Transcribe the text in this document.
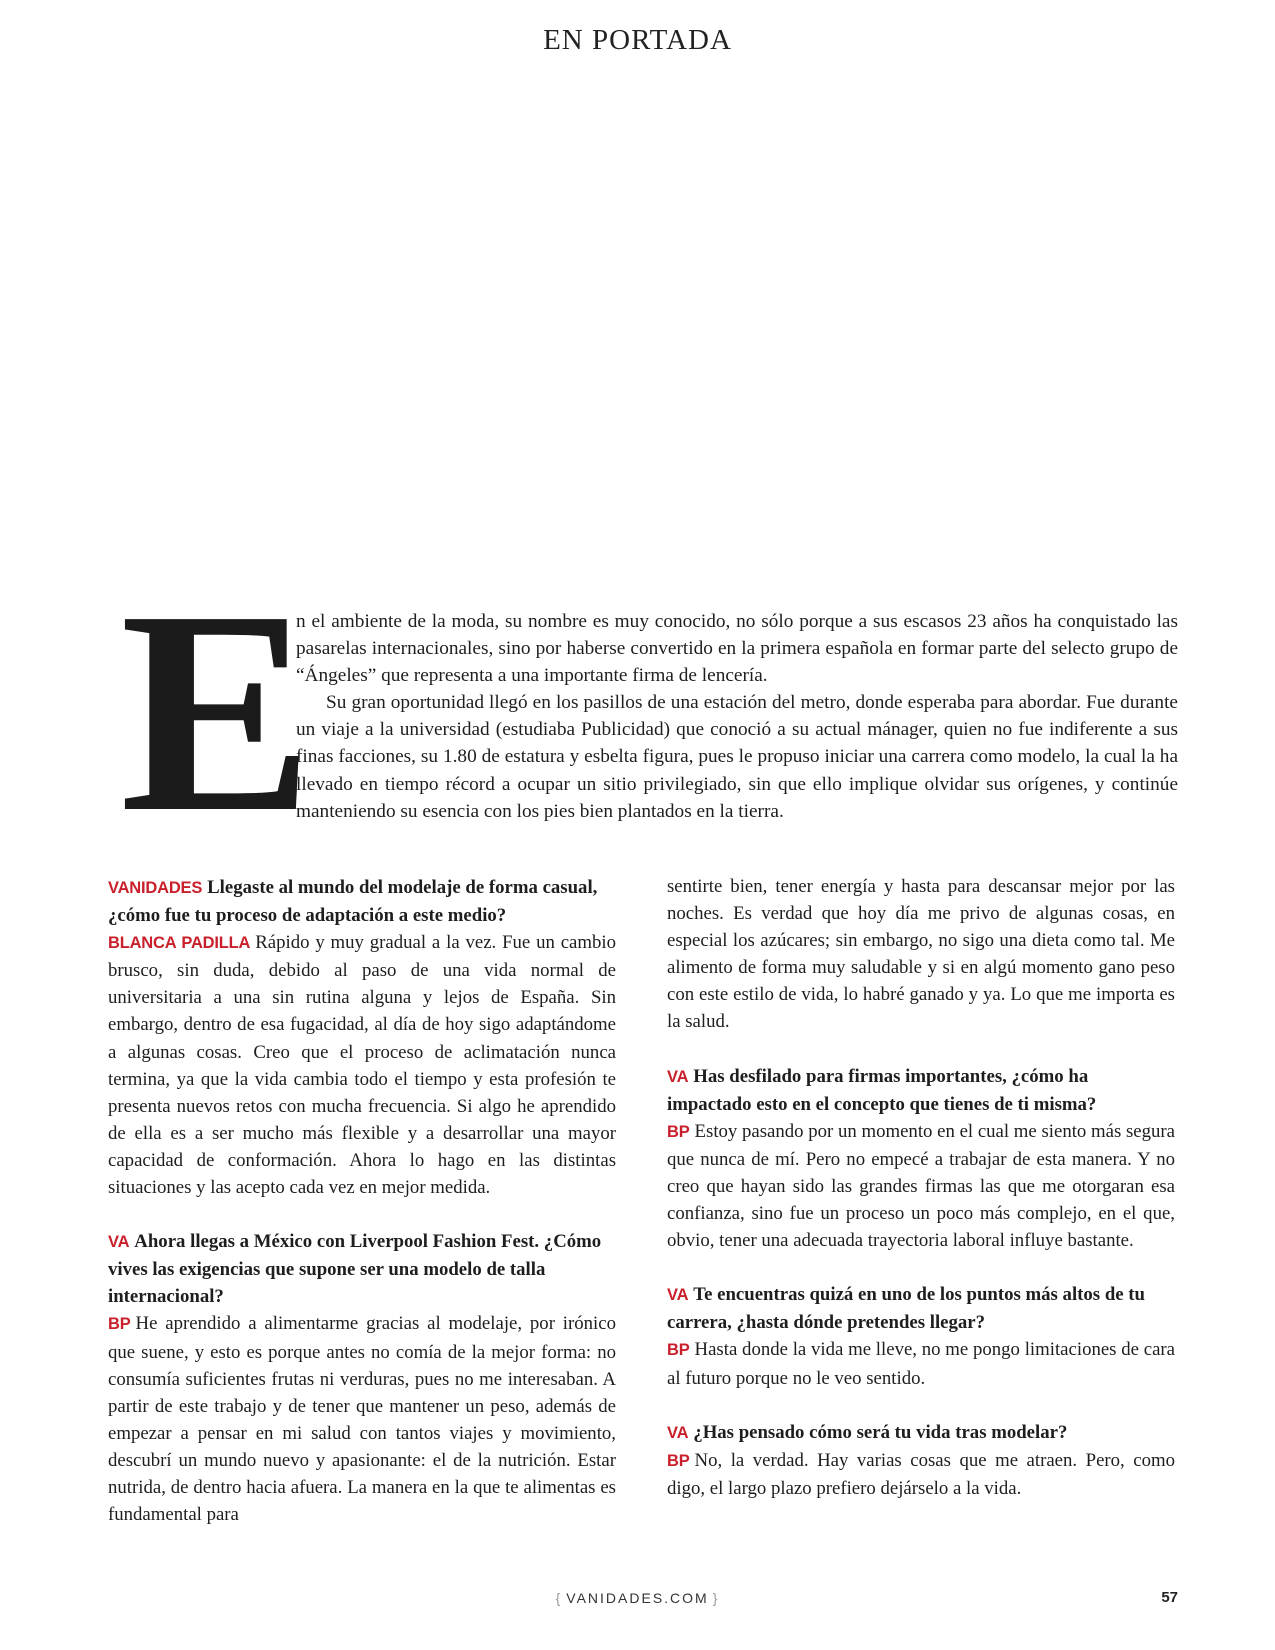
EN PORTADA
E

n el ambiente de la moda, su nombre es muy conocido, no sólo porque a sus escasos 23 años ha conquistado las pasarelas internacionales, sino por haberse convertido en la primera española en formar parte del selecto grupo de “Ángeles” que representa a una importante firma de lencería.

Su gran oportunidad llegó en los pasillos de una estación del metro, donde esperaba para abordar. Fue durante un viaje a la universidad (estudiaba Publicidad) que conoció a su actual mánager, quien no fue indiferente a sus finas facciones, su 1.80 de estatura y esbelta figura, pues le propuso iniciar una carrera como modelo, la cual la ha llevado en tiempo récord a ocupar un sitio privilegiado, sin que ello implique olvidar sus orígenes, y continúe manteniendo su esencia con los pies bien plantados en la tierra.

VANIDADES Llegaste al mundo del modelaje de forma casual, ¿cómo fue tu proceso de adaptación a este medio?

BLANCA PADILLA Rápido y muy gradual a la vez. Fue un cambio brusco, sin duda, debido al paso de una vida normal de universitaria a una sin rutina alguna y lejos de España. Sin embargo, dentro de esa fugacidad, al día de hoy sigo adaptándome a algunas cosas. Creo que el proceso de aclimatación nunca termina, ya que la vida cambia todo el tiempo y esta profesión te presenta nuevos retos con mucha frecuencia. Si algo he aprendido de ella es a ser mucho más flexible y a desarrollar una mayor capacidad de conformación. Ahora lo hago en las distintas situaciones y las acepto cada vez en mejor medida.

VA Ahora llegas a México con Liverpool Fashion Fest. ¿Cómo vives las exigencias que supone ser una modelo de talla internacional?

BP He aprendido a alimentarme gracias al modelaje, por irónico que suene, y esto es porque antes no comía de la mejor forma: no consumía suficientes frutas ni verduras, pues no me interesaban. A partir de este trabajo y de tener que mantener un peso, además de empezar a pensar en mi salud con tantos viajes y movimiento, descubrí un mundo nuevo y apasionante: el de la nutrición. Estar nutrida, de dentro hacia afuera. La manera en la que te alimentas es fundamental para

sentirte bien, tener energía y hasta para descansar mejor por las noches. Es verdad que hoy día me privo de algunas cosas, en especial los azúcares; sin embargo, no sigo una dieta como tal. Me alimento de forma muy saludable y si en algú momento gano peso con este estilo de vida, lo habré ganado y ya. Lo que me importa es la salud.

VA Has desfilado para firmas importantes, ¿cómo ha impactado esto en el concepto que tienes de ti misma?

BP Estoy pasando por un momento en el cual me siento más segura que nunca de mí. Pero no empecé a trabajar de esta manera. Y no creo que hayan sido las grandes firmas las que me otorgaran esa confianza, sino fue un proceso un poco más complejo, en el que, obvio, tener una adecuada trayectoria laboral influye bastante.

VA Te encuentras quizá en uno de los puntos más altos de tu carrera, ¿hasta dónde pretendes llegar?

BP Hasta donde la vida me lleve, no me pongo limitaciones de cara al futuro porque no le veo sentido.

VA ¿Has pensado cómo será tu vida tras modelar?

BP No, la verdad. Hay varias cosas que me atraen. Pero, como digo, el largo plazo prefiero dejárselo a la vida.

{ VANIDADES.COM }	57
